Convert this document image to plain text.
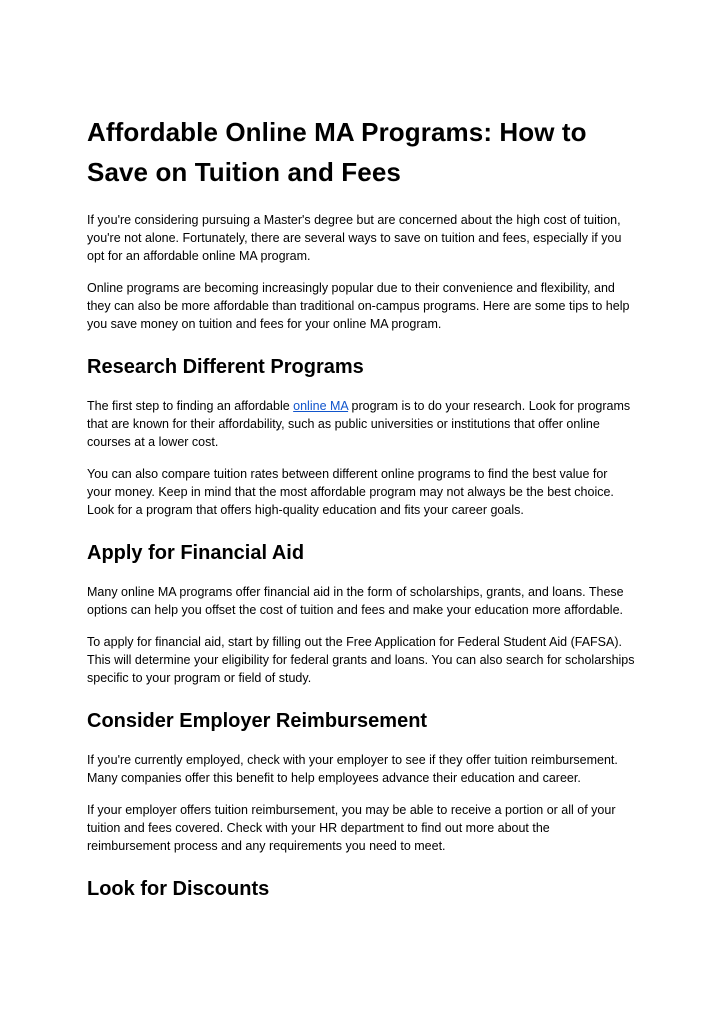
Affordable Online MA Programs: How to Save on Tuition and Fees

If you're considering pursuing a Master's degree but are concerned about the high cost of tuition, you're not alone. Fortunately, there are several ways to save on tuition and fees, especially if you opt for an affordable online MA program.

Online programs are becoming increasingly popular due to their convenience and flexibility, and they can also be more affordable than traditional on-campus programs. Here are some tips to help you save money on tuition and fees for your online MA program.

Research Different Programs

The first step to finding an affordable online MA program is to do your research. Look for programs that are known for their affordability, such as public universities or institutions that offer online courses at a lower cost.

You can also compare tuition rates between different online programs to find the best value for your money. Keep in mind that the most affordable program may not always be the best choice. Look for a program that offers high-quality education and fits your career goals.

Apply for Financial Aid

Many online MA programs offer financial aid in the form of scholarships, grants, and loans. These options can help you offset the cost of tuition and fees and make your education more affordable.

To apply for financial aid, start by filling out the Free Application for Federal Student Aid (FAFSA). This will determine your eligibility for federal grants and loans. You can also search for scholarships specific to your program or field of study.

Consider Employer Reimbursement

If you're currently employed, check with your employer to see if they offer tuition reimbursement. Many companies offer this benefit to help employees advance their education and career.

If your employer offers tuition reimbursement, you may be able to receive a portion or all of your tuition and fees covered. Check with your HR department to find out more about the reimbursement process and any requirements you need to meet.

Look for Discounts
